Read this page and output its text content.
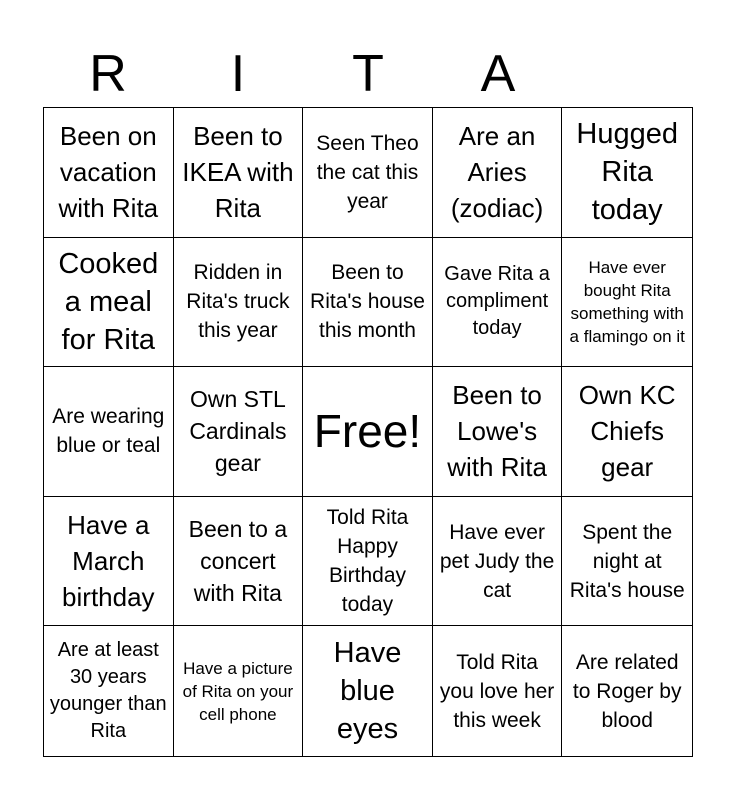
R	I	T	A
Been on vacation with Rita
Been to IKEA with Rita
Seen Theo the cat this year
Are an Aries (zodiac)
Hugged Rita today
Cooked a meal for Rita
Ridden in Rita's truck this year
Been to Rita's house this month
Gave Rita a compliment today
Have ever bought Rita something with a flamingo on it
Are wearing blue or teal
Own STL Cardinals gear
Free!
Been to Lowe's with Rita
Own KC Chiefs gear
Have a March birthday
Been to a concert with Rita
Told Rita Happy Birthday today
Have ever pet Judy the cat
Spent the night at Rita's house
Are at least 30 years younger than Rita
Have a picture of Rita on your cell phone
Have blue eyes
Told Rita you love her this week
Are related to Roger by blood
